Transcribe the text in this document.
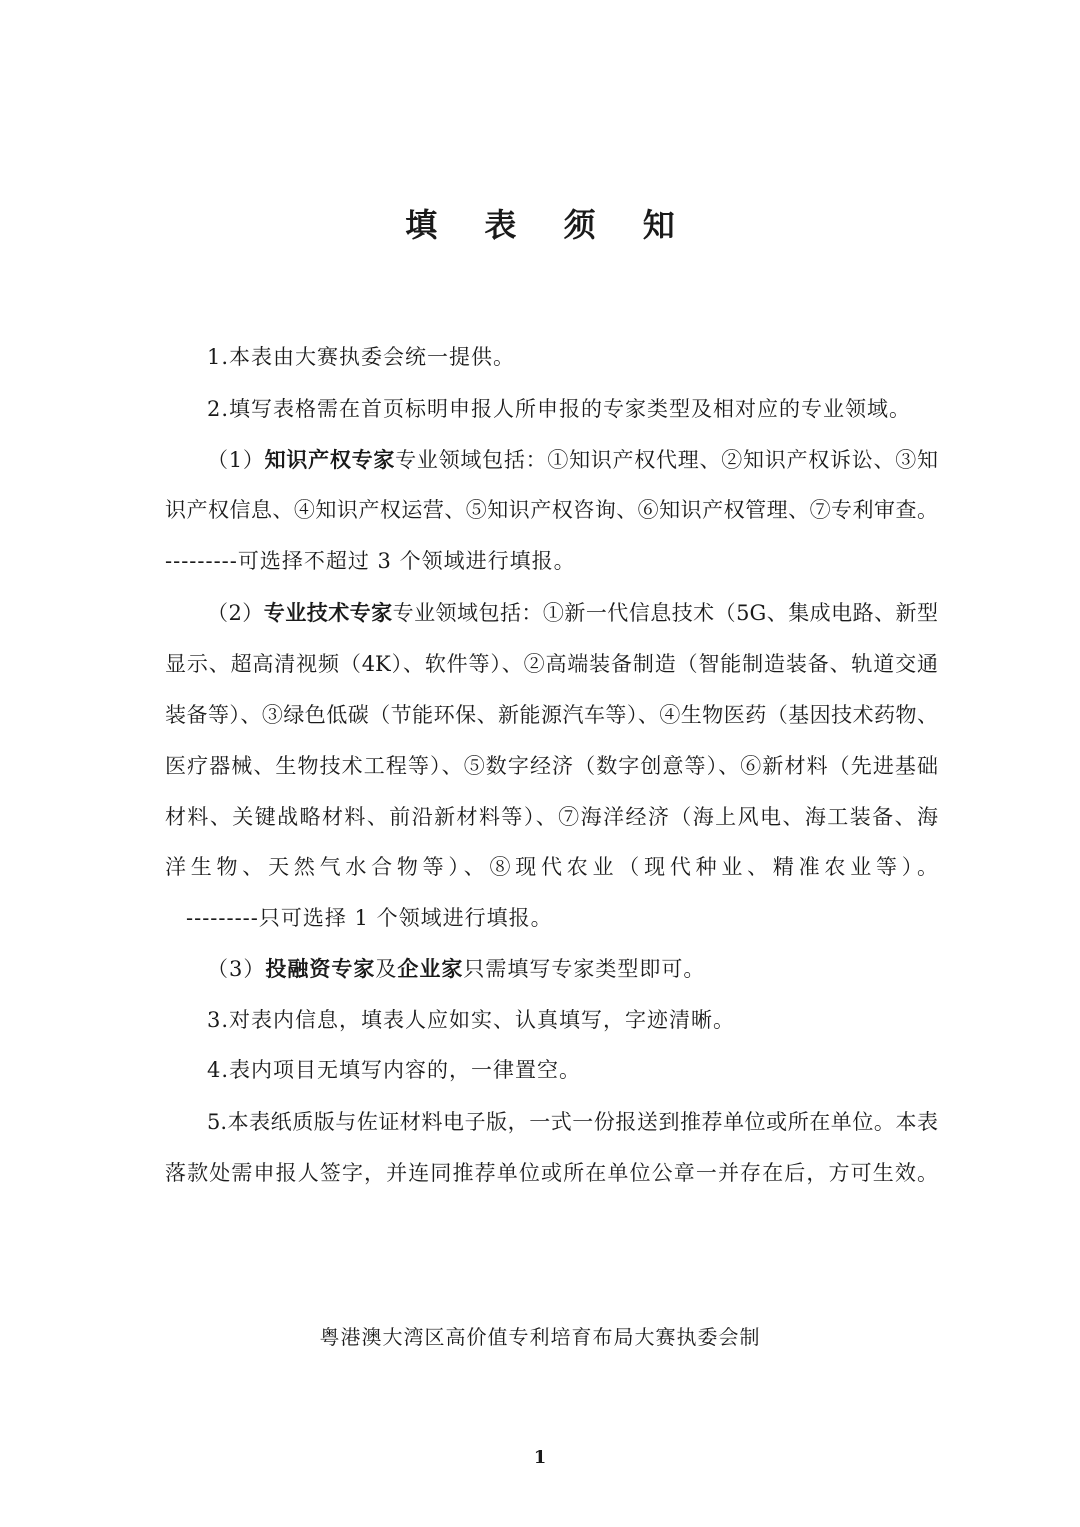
填 表 须 知
1.本表由大赛执委会统一提供。
2.填写表格需在首页标明申报人所申报的专家类型及相对应的专业领域。
（1）知识产权专家专业领域包括：①知识产权代理、②知识产权诉讼、③知
识产权信息、④知识产权运营、⑤知识产权咨询、⑥知识产权管理、⑦专利审查。
---------可选择不超过 3 个领域进行填报。
（2）专业技术专家专业领域包括：①新一代信息技术（5G、集成电路、新型
显示、超高清视频（4K）、软件等）、②高端装备制造（智能制造装备、轨道交通
装备等）、③绿色低碳（节能环保、新能源汽车等）、④生物医药（基因技术药物、
医疗器械、生物技术工程等）、⑤数字经济（数字创意等）、⑥新材料（先进基础
材料、关键战略材料、前沿新材料等）、⑦海洋经济（海上风电、海工装备、海
洋生物、天然气水合物等）、⑧现代农业（现代种业、精准农业等）。
---------只可选择 1 个领域进行填报。
（3）投融资专家及企业家只需填写专家类型即可。
3.对表内信息，填表人应如实、认真填写，字迹清晰。
4.表内项目无填写内容的，一律置空。
5.本表纸质版与佐证材料电子版，一式一份报送到推荐单位或所在单位。本表
落款处需申报人签字，并连同推荐单位或所在单位公章一并存在后，方可生效。
粤港澳大湾区高价值专利培育布局大赛执委会制
1
